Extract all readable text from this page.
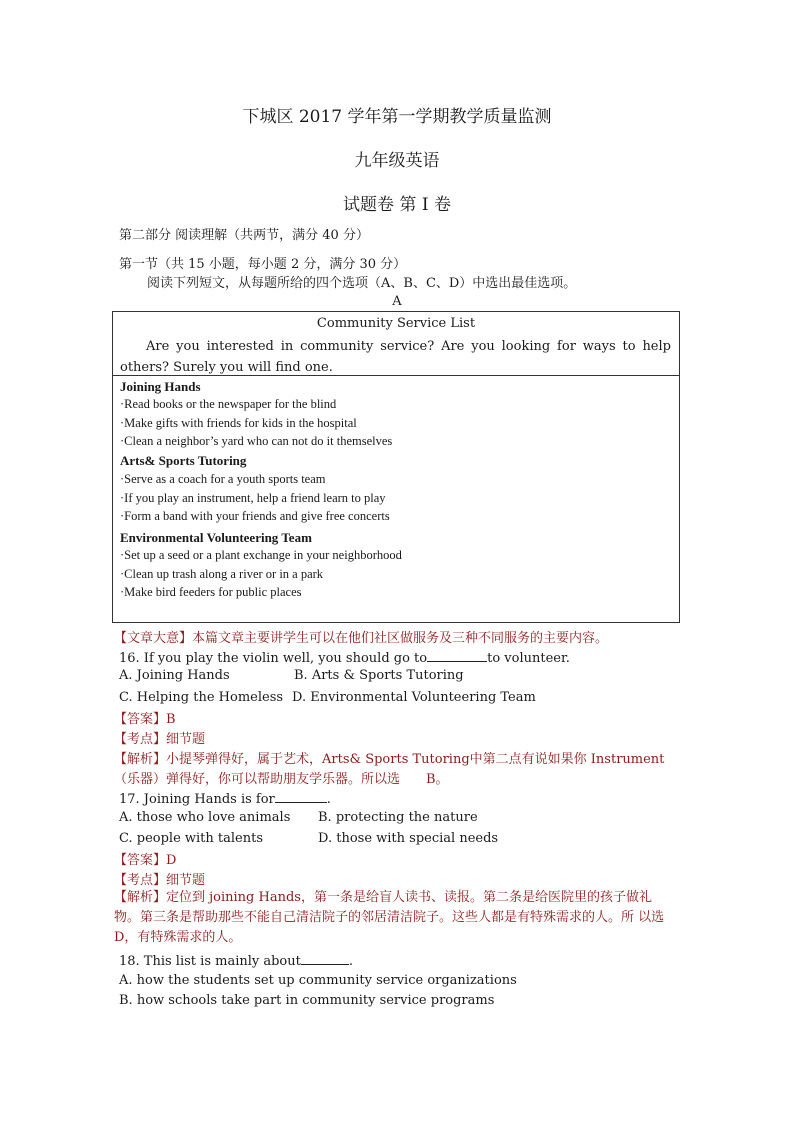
下城区 2017 学年第一学期教学质量监测
九年级英语
试题卷 第 I 卷
第二部分 阅读理解（共两节，满分 40 分）
第一节（共 15 小题，每小题 2 分，满分 30 分）
阅读下列短文，从每题所给的四个选项（A、B、C、D）中选出最佳选项。
A
Community Service List
Are you interested in community service? Are you looking for ways to help others? Surely you will find one.
Joining Hands
·Read books or the newspaper for the blind
·Make gifts with friends for kids in the hospital
·Clean a neighbor’s yard who can not do it themselves
Arts& Sports Tutoring
·Serve as a coach for a youth sports team
·If you play an instrument, help a friend learn to play
·Form a band with your friends and give free concerts
Environmental Volunteering Team
·Set up a seed or a plant exchange in your neighborhood
·Clean up trash along a river or in a park
·Make bird feeders for public places
【文章大意】本篇文章主要讲学生可以在他们社区做服务及三种不同服务的主要内容。
16. If you play the violin well, you should go to	to volunteer.
A. Joining Hands	B. Arts & Sports Tutoring
C. Helping the Homeless D. Environmental Volunteering Team
【答案】B
【考点】细节题
【解析】小提琴弹得好，属于艺术，Arts& Sports Tutoring中第二点有说如果你 Instrument
（乐器）弹得好，你可以帮助朋友学乐器。所以选　　B。
17. Joining Hands is for	.
A. those who love animals B. protecting the nature
C. people with talents	D. those with special needs
【答案】D
【考点】细节题
【解析】定位到 joining Hands，第一条是给盲人读书、读报。第二条是给医院里的孩子做礼物。第三条是帮助那些不能自己清洁院子的邻居清洁院子。这些人都是有特殊需求的人。所 以选D，有特殊需求的人。
18. This list is mainly about	.
A. how the students set up community service organizations
B. how schools take part in community service programs
